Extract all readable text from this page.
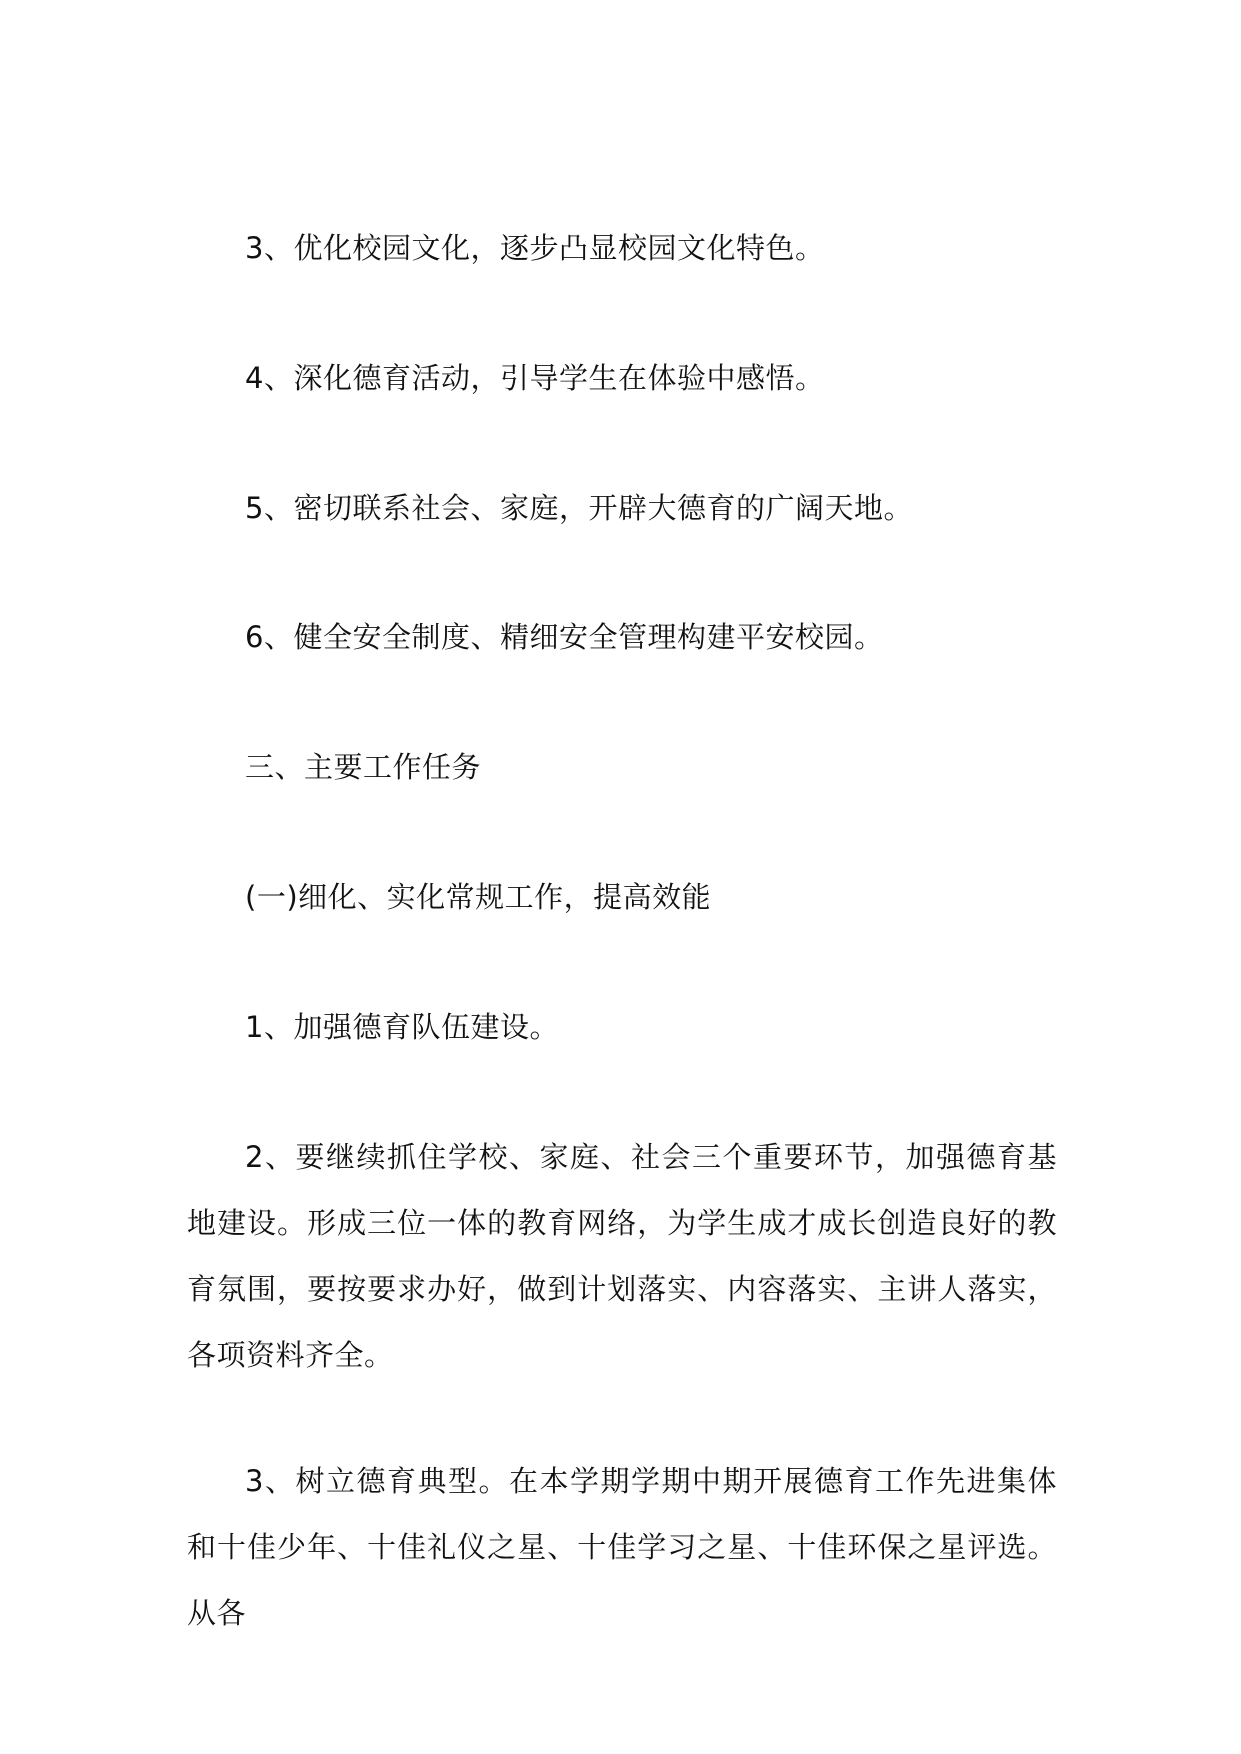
3、优化校园文化，逐步凸显校园文化特色。

4、深化德育活动，引导学生在体验中感悟。

5、密切联系社会、家庭，开辟大德育的广阔天地。

6、健全安全制度、精细安全管理构建平安校园。

三、主要工作任务

(一)细化、实化常规工作，提高效能

1、加强德育队伍建设。

2、要继续抓住学校、家庭、社会三个重要环节，加强德育基地建设。形成三位一体的教育网络，为学生成才成长创造良好的教育氛围，要按要求办好，做到计划落实、内容落实、主讲人落实，各项资料齐全。

3、树立德育典型。在本学期学期中期开展德育工作先进集体和十佳少年、十佳礼仪之星、十佳学习之星、十佳环保之星评选。从各
